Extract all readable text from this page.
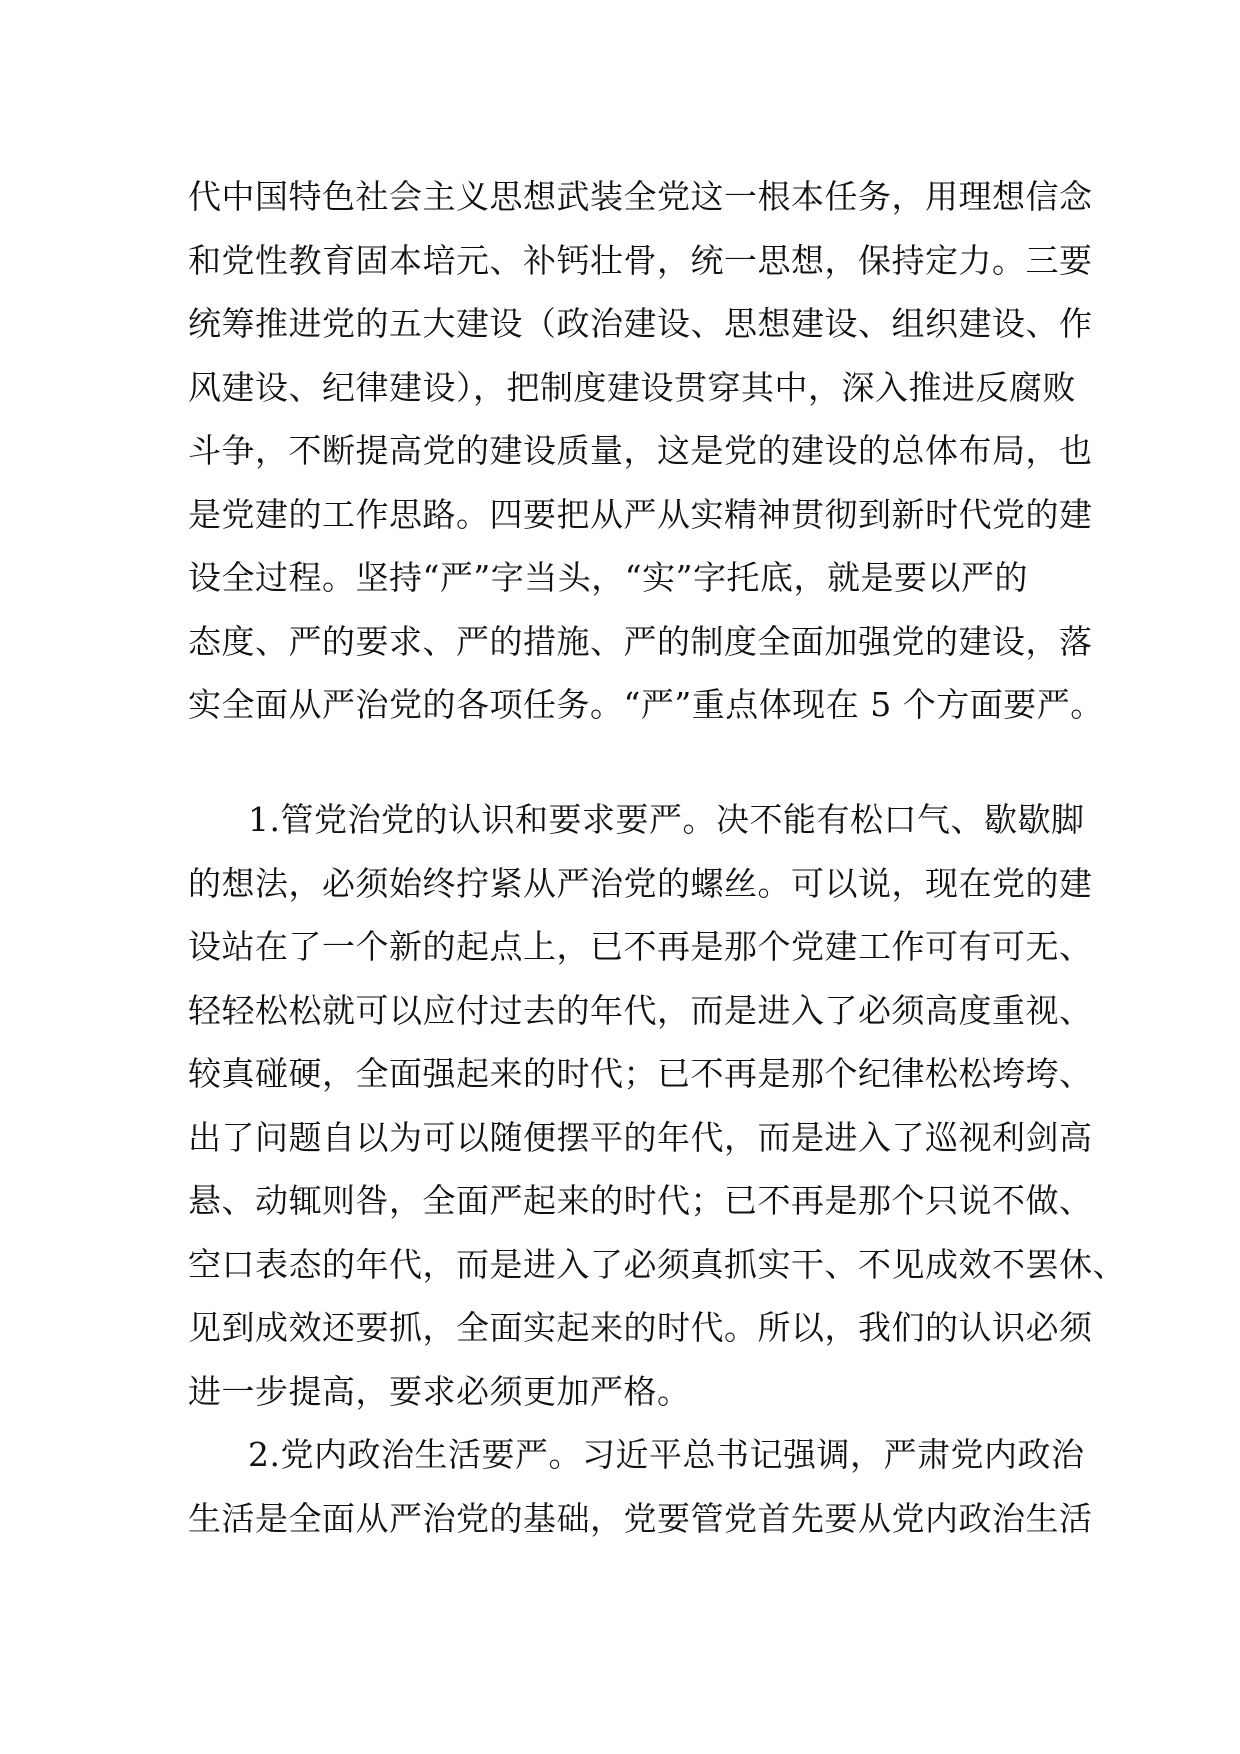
代中国特色社会主义思想武装全党这一根本任务，用理想信念
和党性教育固本培元、补钙壮骨，统一思想，保持定力。三要
统筹推进党的五大建设（政治建设、思想建设、组织建设、作
风建设、纪律建设），把制度建设贯穿其中，深入推进反腐败
斗争，不断提高党的建设质量，这是党的建设的总体布局，也
是党建的工作思路。四要把从严从实精神贯彻到新时代党的建
设全过程。坚持“严”字当头，“实”字托底，就是要以严的
态度、严的要求、严的措施、严的制度全面加强党的建设，落
实全面从严治党的各项任务。“严”重点体现在 5 个方面要严。
1.管党治党的认识和要求要严。决不能有松口气、歇歇脚
的想法，必须始终拧紧从严治党的螺丝。可以说，现在党的建
设站在了一个新的起点上，已不再是那个党建工作可有可无、
轻轻松松就可以应付过去的年代，而是进入了必须高度重视、
较真碰硬，全面强起来的时代；已不再是那个纪律松松垮垮、
出了问题自以为可以随便摆平的年代，而是进入了巡视利剑高
悬、动辄则咎，全面严起来的时代；已不再是那个只说不做、
空口表态的年代，而是进入了必须真抓实干、不见成效不罢休、
见到成效还要抓，全面实起来的时代。所以，我们的认识必须
进一步提高，要求必须更加严格。
2.党内政治生活要严。习近平总书记强调，严肃党内政治
生活是全面从严治党的基础，党要管党首先要从党内政治生活
